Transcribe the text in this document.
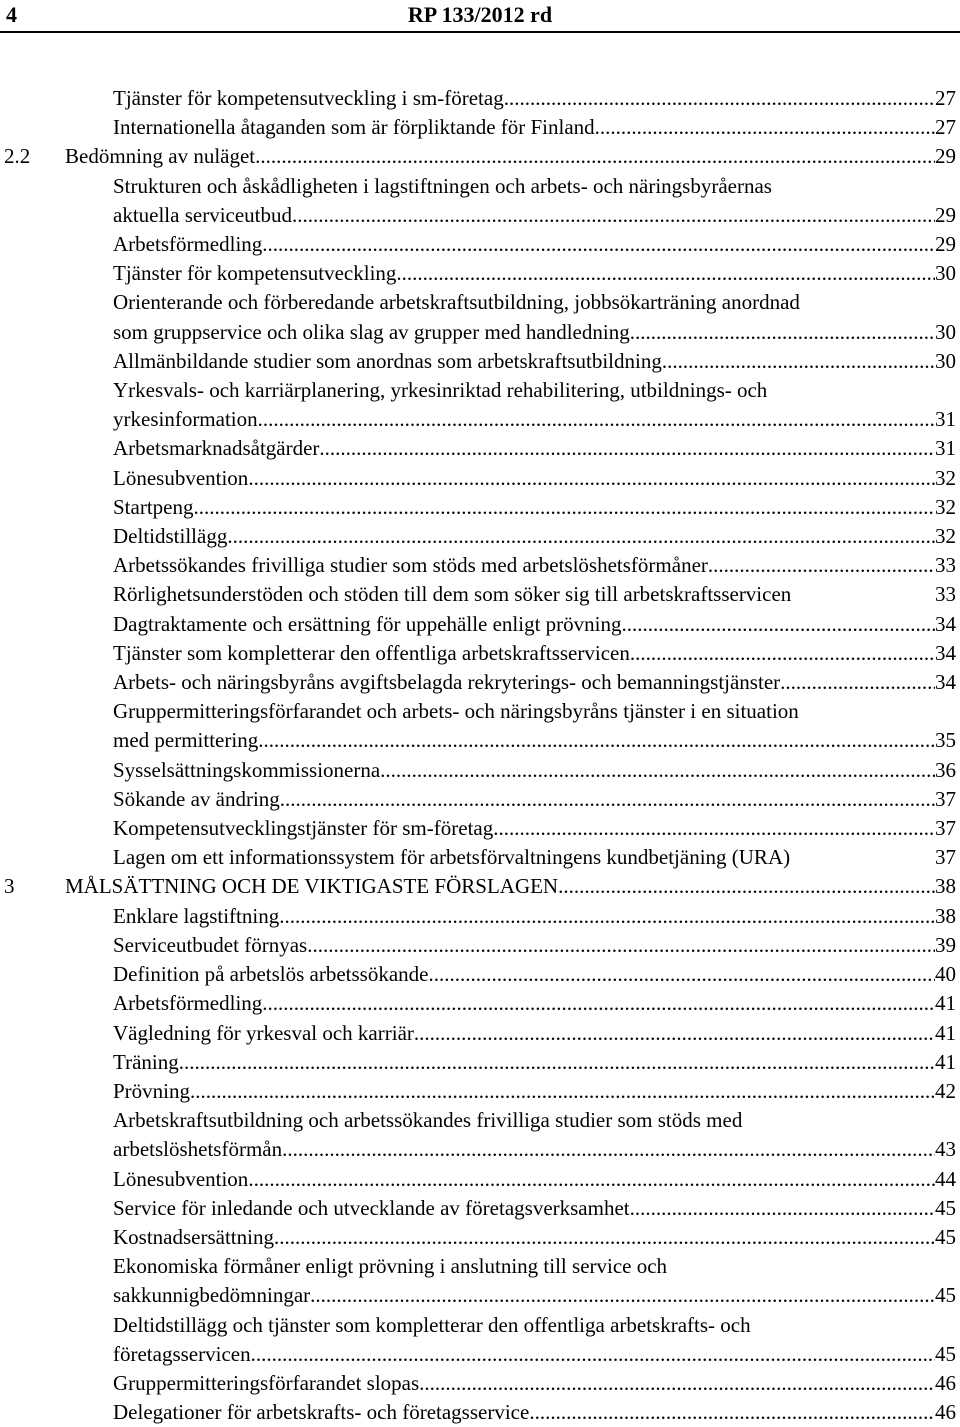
4	RP 133/2012 rd
Tjänster för kompetensutveckling i sm-företag .....	27
Internationella åtaganden som är förpliktande för Finland .....	27
2.2 Bedömning av nuläget .....	29
Strukturen och åskådligheten i lagstiftningen och arbets- och näringsbyråernas
aktuella serviceutbud .....	29
Arbetsförmedling .....	29
Tjänster för kompetensutveckling .....	30
Orienterande och förberedande arbetskraftsutbildning, jobbsökarträning anordnad
som gruppservice och olika slag av grupper med handledning .....	30
Allmänbildande studier som anordnas som arbetskraftsutbildning .....	30
Yrkesvals- och karriärplanering, yrkesinriktad rehabilitering, utbildnings- och
yrkesinformation .....	31
Arbetsmarknadsåtgärder .....	31
Lönesubvention .....	32
Startpeng .....	32
Deltidstillägg .....	32
Arbetssökandes frivilliga studier som stöds med arbetslöshetsförmåner .....	33
Rörlighetsunderstöden och stöden till dem som söker sig till arbetskraftsservicen	33
Dagtraktamente och ersättning för uppehälle enligt prövning .....	34
Tjänster som kompletterar den offentliga arbetskraftsservicen .....	34
Arbets- och näringsbyråns avgiftsbelagda rekryterings- och bemanningstjänster .....	34
Gruppermitteringsförfarandet och arbets- och näringsbyråns tjänster i en situation
med permittering .....	35
Sysselsättningskommissionerna .....	36
Sökande av ändring .....	37
Kompetensutvecklingstjänster för sm-företag .....	37
Lagen om ett informationssystem för arbetsförvaltningens kundbetjäning (URA)	37
3 MÅLSÄTTNING OCH DE VIKTIGASTE FÖRSLAGEN .....	38
Enklare lagstiftning .....	38
Serviceutbudet förnyas .....	39
Definition på arbetslös arbetssökande .....	40
Arbetsförmedling .....	41
Vägledning för yrkesval och karriär .....	41
Träning .....	41
Prövning .....	42
Arbetskraftsutbildning och arbetssökandes frivilliga studier som stöds med
arbetslöshetsförmån .....	43
Lönesubvention .....	44
Service för inledande och utvecklande av företagsverksamhet .....	45
Kostnadsersättning .....	45
Ekonomiska förmåner enligt prövning i anslutning till service och
sakkunnigbedömningar .....	45
Deltidstillägg och tjänster som kompletterar den offentliga arbetskrafts- och
företagsservicen .....	45
Gruppermitteringsförfarandet slopas .....	46
Delegationer för arbetskrafts- och företagsservice .....	46
